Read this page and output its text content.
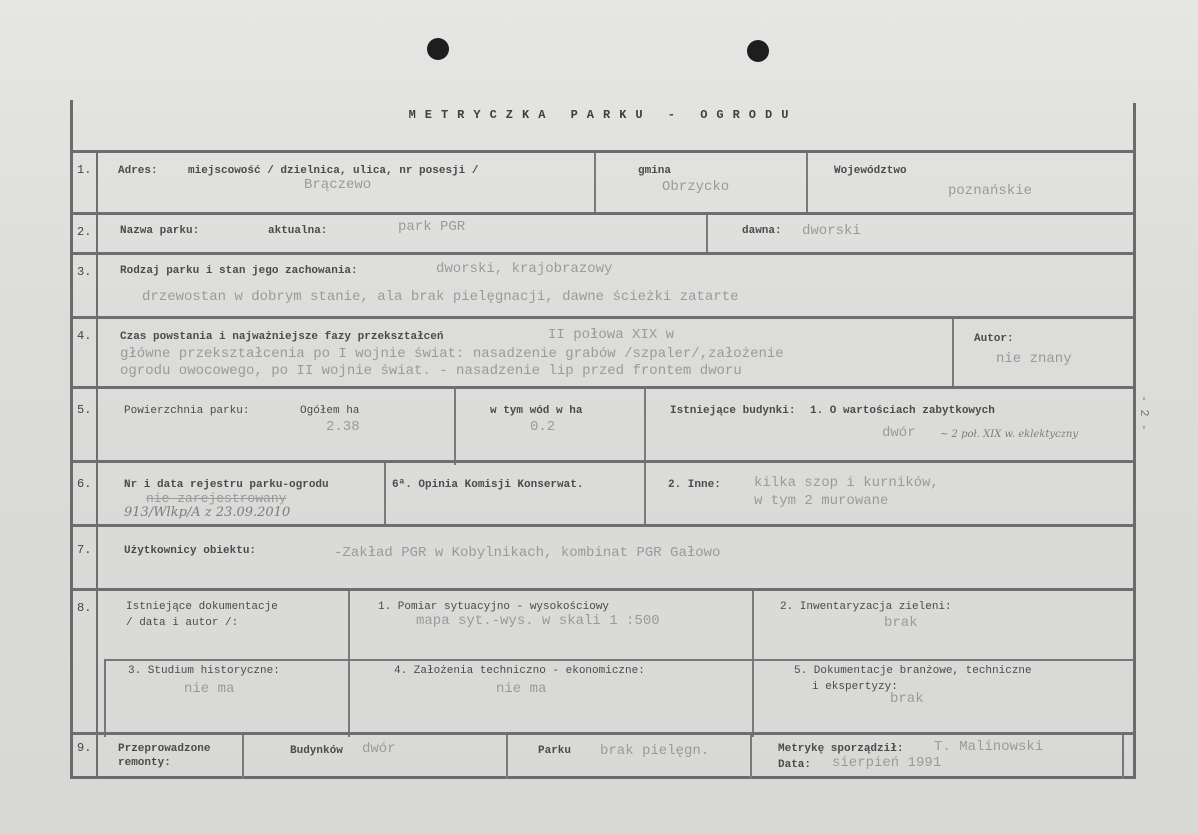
METRYCZKA PARKU - OGRODU
1.	Adres:	miejscowość / dzielnica, ulica, nr posesji /
Brączewo
gmina
Obrzycko
Województwo
poznańskie
2.	Nazwa parku:	aktualna:	park PGR	dawna: dworski
3.	Rodzaj parku i stan jego zachowania:	dworski, krajobrazowy
drzewostan w dobrym stanie, ala brak pielęgnacji, dawne ścieżki zatarte
4.	Czas powstania i najważniejsze fazy przekształceń	II połowa XIX w
główne przekształcenia po I wojnie świat: nasadzenie grabów /szpaler/,założenie
ogrodu owocowego, po II wojnie świat. - nasadzenie lip przed frontem dworu
Autor:
nie znany
5.	Powierzchnia parku:	Ogółem ha
2.38
w tym wód w ha
0.2
Istniejące budynki: 1. O wartościach zabytkowych
dwór ~ 2 poł. XIX w. eklektyczny
6.	Nr i data rejestru parku-ogrodu
nie zarejestrowany
913/Wlkp/A z 23.09.2010
6ª. Opinia Komisji Konserwat.	2. Inne: kilka szop i kurników,
w tym 2 murowane
7.	Użytkownicy obiektu:	-Zakład PGR w Kobylnikach, kombinat PGR Gałowo
8.	Istniejące dokumentacje
/ data i autor /:
1. Pomiar sytuacyjno - wysokościowy
mapa syt.-wys. w skali 1 :500
2. Inwentaryzacja zieleni:
brak
3. Studium historyczne:
nie ma
4. Założenia techniczno - ekonomiczne:
nie ma
5. Dokumentacje branżowe, techniczne
i ekspertyzy:
brak
9.	Przeprowadzone
remonty:
Budynków dwór	Parku brak pielęgn.	Metrykę sporządził: T. Malinowski
Data: sierpień 1991
- 2 -
